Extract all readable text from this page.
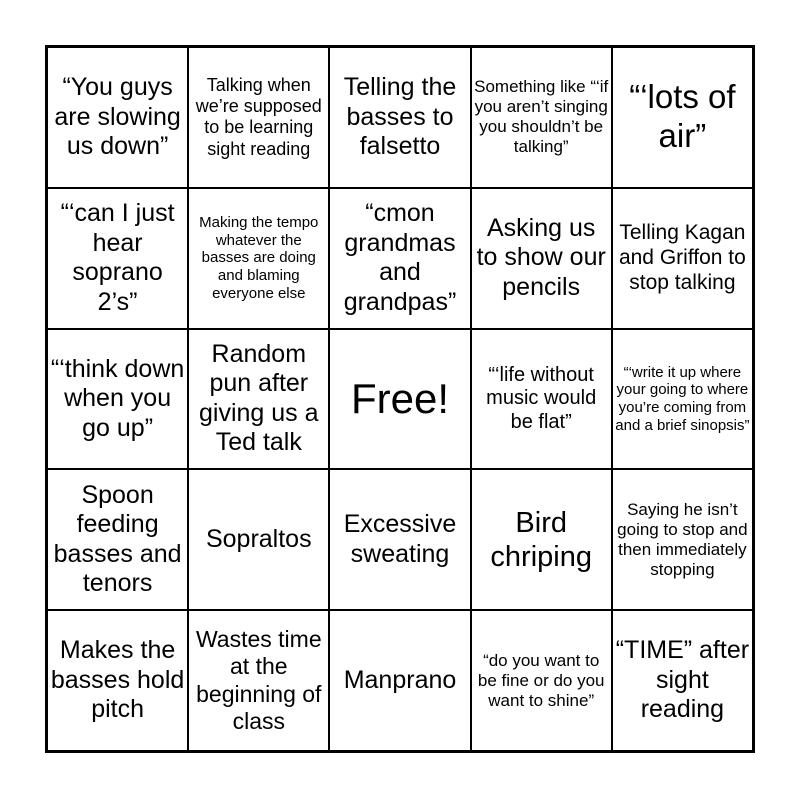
“You guys are slowing us down”
Talking when we’re supposed to be learning sight reading
Telling the basses to falsetto
Something like “‘if you aren’t singing you shouldn’t be talking”
“‘lots of air”
“‘can I just hear soprano 2’s”
Making the tempo whatever the basses are doing and blaming everyone else
“cmon grandmas and grandpas”
Asking us to show our pencils
Telling Kagan and Griffon to stop talking
“‘think down when you go up”
Random pun after giving us a Ted talk
Free!
“‘life without music would be flat”
“‘write it up where your going to where you’re coming from and a brief sinopsis”
Spoon feeding basses and tenors
Sopraltos
Excessive sweating
Bird chriping
Saying he isn’t going to stop and then immediately stopping
Makes the basses hold pitch
Wastes time at the beginning of class
Manprano
“do you want to be fine or do you want to shine”
“TIME” after sight reading
